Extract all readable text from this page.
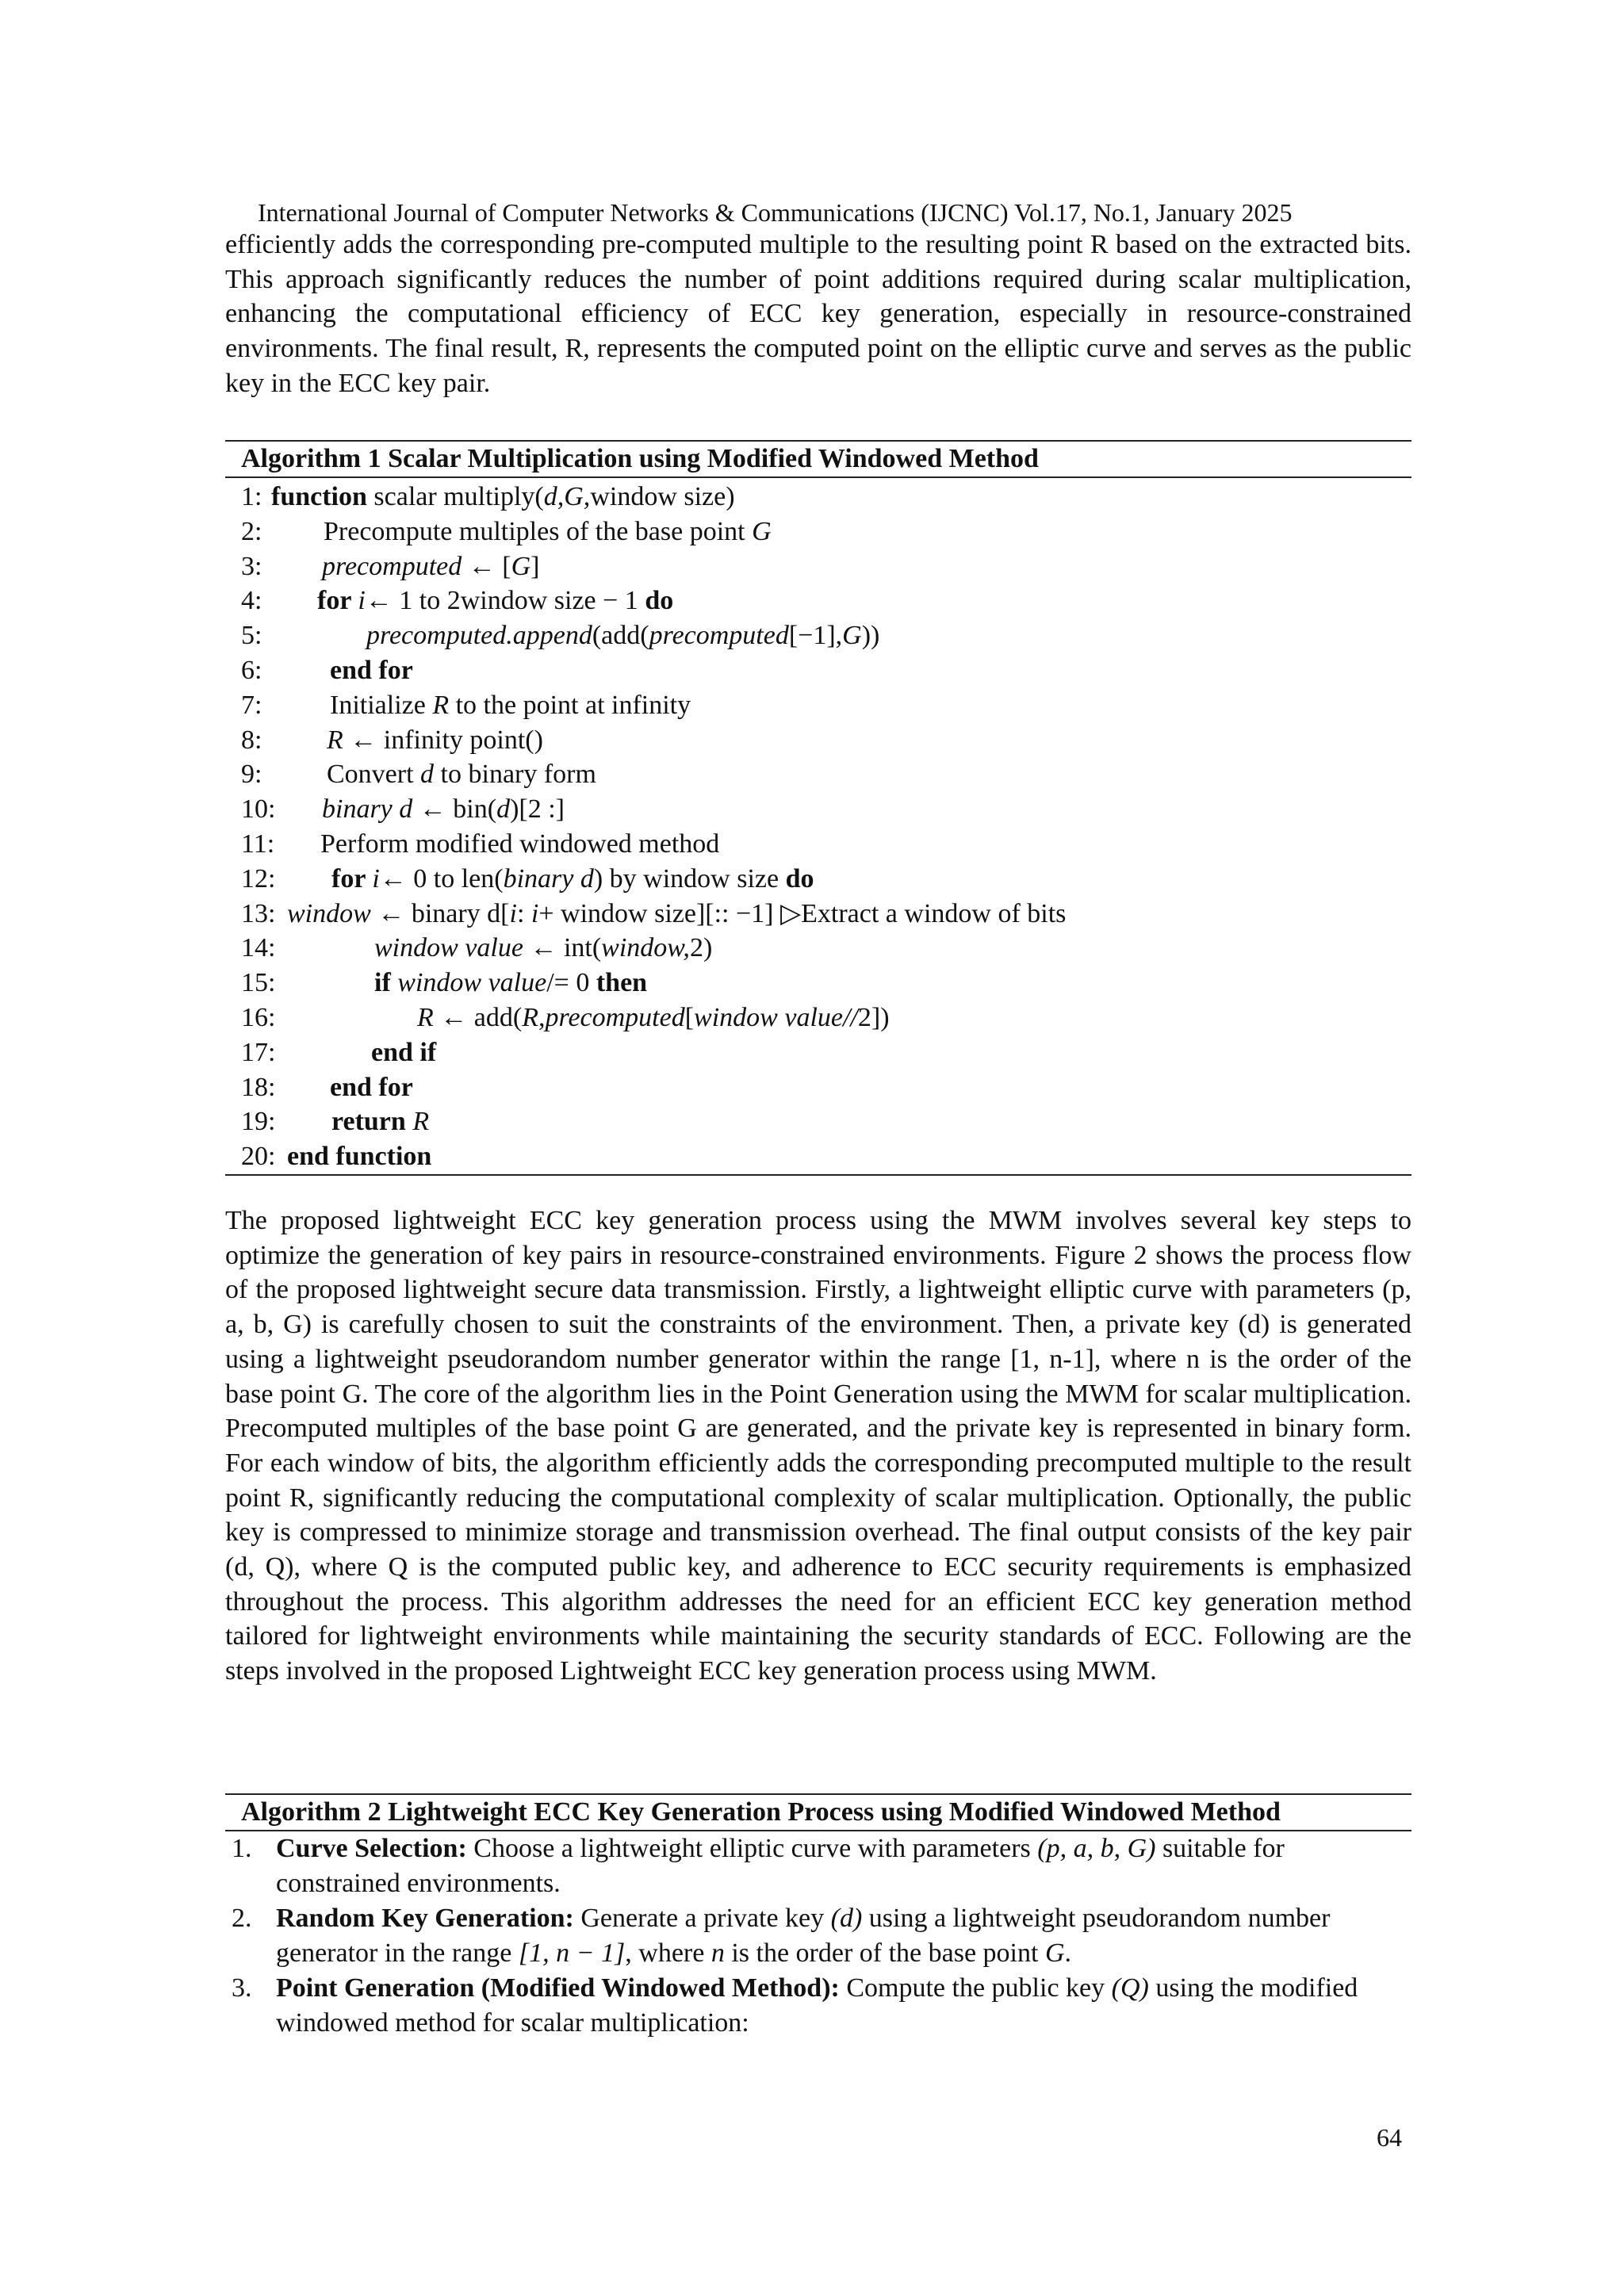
International Journal of Computer Networks & Communications (IJCNC) Vol.17, No.1, January 2025
efficiently adds the corresponding pre-computed multiple to the resulting point R based on the extracted bits. This approach significantly reduces the number of point additions required during scalar multiplication, enhancing the computational efficiency of ECC key generation, especially in resource-constrained environments. The final result, R, represents the computed point on the elliptic curve and serves as the public key in the ECC key pair.
Algorithm 1 Scalar Multiplication using Modified Windowed Method
1: function scalar multiply(d,G,window size)
2: Precompute multiples of the base point G
3: precomputed ← [G]
4: for i← 1 to 2window size − 1 do
5:	precomputed.append(add(precomputed[−1],G))
6:	end for
7:	Initialize R to the point at infinity
8: R ← infinity point()
9: Convert d to binary form
10: binary d ← bin(d)[2 :]
11: Perform modified windowed method
12: for i← 0 to len(binary d) by window size do
13: window ← binary d[i: i+ window size][:: −1] ▷Extract a window of bits
14:	window value ← int(window,2)
15:	if window value/= 0 then
16:	R ← add(R,precomputed[window value//2])
17:	end if
18: end for
19: return R
20: end function
The proposed lightweight ECC key generation process using the MWM involves several key steps to optimize the generation of key pairs in resource-constrained environments. Figure 2 shows the process flow of the proposed lightweight secure data transmission. Firstly, a lightweight elliptic curve with parameters (p, a, b, G) is carefully chosen to suit the constraints of the environment. Then, a private key (d) is generated using a lightweight pseudorandom number generator within the range [1, n-1], where n is the order of the base point G. The core of the algorithm lies in the Point Generation using the MWM for scalar multiplication. Precomputed multiples of the base point G are generated, and the private key is represented in binary form. For each window of bits, the algorithm efficiently adds the corresponding precomputed multiple to the result point R, significantly reducing the computational complexity of scalar multiplication. Optionally, the public key is compressed to minimize storage and transmission overhead. The final output consists of the key pair (d, Q), where Q is the computed public key, and adherence to ECC security requirements is emphasized throughout the process. This algorithm addresses the need for an efficient ECC key generation method tailored for lightweight environments while maintaining the security standards of ECC. Following are the steps involved in the proposed Lightweight ECC key generation process using MWM.
Algorithm 2 Lightweight ECC Key Generation Process using Modified Windowed Method
1. Curve Selection: Choose a lightweight elliptic curve with parameters (p, a, b, G) suitable for constrained environments.
2. Random Key Generation: Generate a private key (d) using a lightweight pseudorandom number generator in the range [1, n − 1], where n is the order of the base point G.
3. Point Generation (Modified Windowed Method): Compute the public key (Q) using the modified windowed method for scalar multiplication:
64
